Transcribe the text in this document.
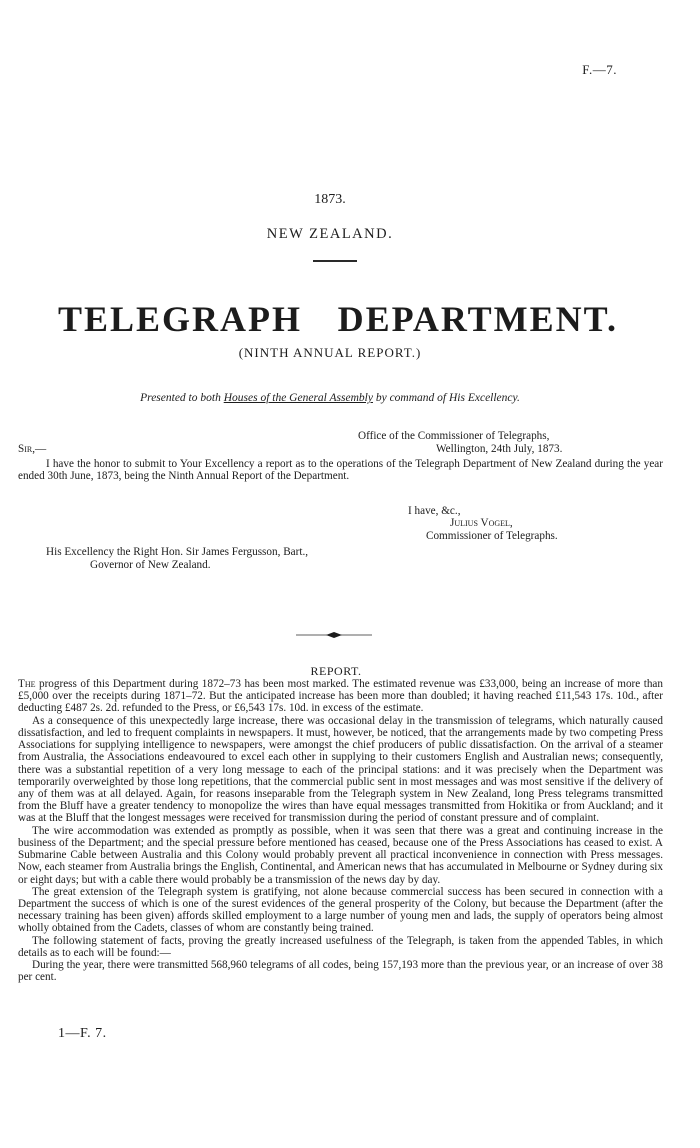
F.—7.
1873.
NEW ZEALAND.
TELEGRAPH DEPARTMENT.
(NINTH ANNUAL REPORT.)
Presented to both Houses of the General Assembly by command of His Excellency.
Office of the Commissioner of Telegraphs,
Wellington, 24th July, 1873.
Sir,—
I have the honor to submit to Your Excellency a report as to the operations of the Telegraph Department of New Zealand during the year ended 30th June, 1873, being the Ninth Annual Report of the Department.
I have, &c.,
Julius Vogel,
Commissioner of Telegraphs.
His Excellency the Right Hon. Sir James Fergusson, Bart.,
Governor of New Zealand.
REPORT.

The progress of this Department during 1872–73 has been most marked. The estimated revenue was £33,000, being an increase of more than £5,000 over the receipts during 1871–72. But the anticipated increase has been more than doubled; it having reached £11,543 17s. 10d., after deducting £487 2s. 2d. refunded to the Press, or £6,543 17s. 10d. in excess of the estimate.

As a consequence of this unexpectedly large increase, there was occasional delay in the transmission of telegrams, which naturally caused dissatisfaction, and led to frequent complaints in newspapers. It must, however, be noticed, that the arrangements made by two competing Press Associations for supplying intelligence to newspapers, were amongst the chief producers of public dissatisfaction. On the arrival of a steamer from Australia, the Associations endeavoured to excel each other in supplying to their customers English and Australian news; consequently, there was a substantial repetition of a very long message to each of the principal stations: and it was precisely when the Department was temporarily overweighted by those long repetitions, that the commercial public sent in most messages and was most sensitive if the delivery of any of them was at all delayed. Again, for reasons inseparable from the Telegraph system in New Zealand, long Press telegrams transmitted from the Bluff have a greater tendency to monopolize the wires than have equal messages transmitted from Hokitika or from Auckland; and it was at the Bluff that the longest messages were received for transmission during the period of constant pressure and of complaint.

The wire accommodation was extended as promptly as possible, when it was seen that there was a great and continuing increase in the business of the Department; and the special pressure before mentioned has ceased, because one of the Press Associations has ceased to exist. A Submarine Cable between Australia and this Colony would probably prevent all practical inconvenience in connection with Press messages. Now, each steamer from Australia brings the English, Continental, and American news that has accumulated in Melbourne or Sydney during six or eight days; but with a cable there would probably be a transmission of the news day by day.

The great extension of the Telegraph system is gratifying, not alone because commercial success has been secured in connection with a Department the success of which is one of the surest evidences of the general prosperity of the Colony, but because the Department (after the necessary training has been given) affords skilled employment to a large number of young men and lads, the supply of operators being almost wholly obtained from the Cadets, classes of whom are constantly being trained.

The following statement of facts, proving the greatly increased usefulness of the Telegraph, is taken from the appended Tables, in which details as to each will be found:—

During the year, there were transmitted 568,960 telegrams of all codes, being 157,193 more than the previous year, or an increase of over 38 per cent.

1—F. 7.
